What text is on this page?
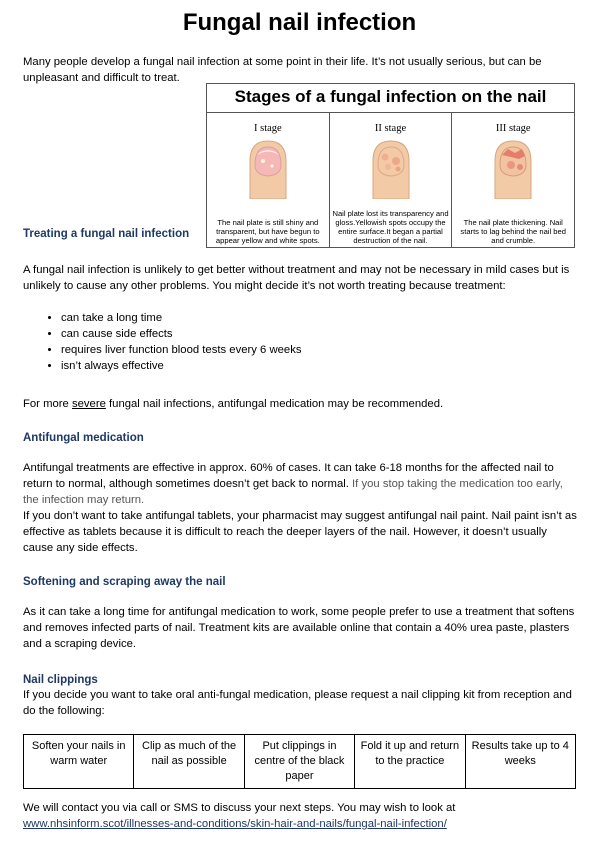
Fungal nail infection

Many people develop a fungal nail infection at some point in their life. It’s not usually serious, but can be unpleasant and difficult to treat.

Stages of a fungal infection on the nail
I stage
The nail plate is still shiny and transparent, but have begun to appear yellow and white spots.
II stage
Nail plate lost its transparency and gloss.Yellowish spots occupy the entire surface.It began a partial destruction of the nail.
III stage
The nail plate thickening. Nail starts to lag behind the nail bed and crumble.
Treating a fungal nail infection

A fungal nail infection is unlikely to get better without treatment and may not be necessary in mild cases but is unlikely to cause any other problems. You might decide it’s not worth treating because treatment:

• can take a long time
• can cause side effects
• requires liver function blood tests every 6 weeks
• isn’t always effective

For more severe fungal nail infections, antifungal medication may be recommended.

Antifungal medication

Antifungal treatments are effective in approx. 60% of cases. It can take 6-18 months for the affected nail to return to normal, although sometimes doesn’t get back to normal. If you stop taking the medication too early, the infection may return.
If you don’t want to take antifungal tablets, your pharmacist may suggest antifungal nail paint. Nail paint isn’t as effective as tablets because it is difficult to reach the deeper layers of the nail. However, it doesn’t usually cause any side effects.

Softening and scraping away the nail

As it can take a long time for antifungal medication to work, some people prefer to use a treatment that softens and removes infected parts of nail. Treatment kits are available online that contain a 40% urea paste, plasters and a scraping device.

Nail clippings

If you decide you want to take oral anti-fungal medication, please request a nail clipping kit from reception and do the following:

Soften your nails in warm water	Clip as much of the nail as possible	Put clippings in centre of the black paper	Fold it up and return to the practice	Results take up to 4 weeks

We will contact you via call or SMS to discuss your next steps. You may wish to look at
www.nhsinform.scot/illnesses-and-conditions/skin-hair-and-nails/fungal-nail-infection/
